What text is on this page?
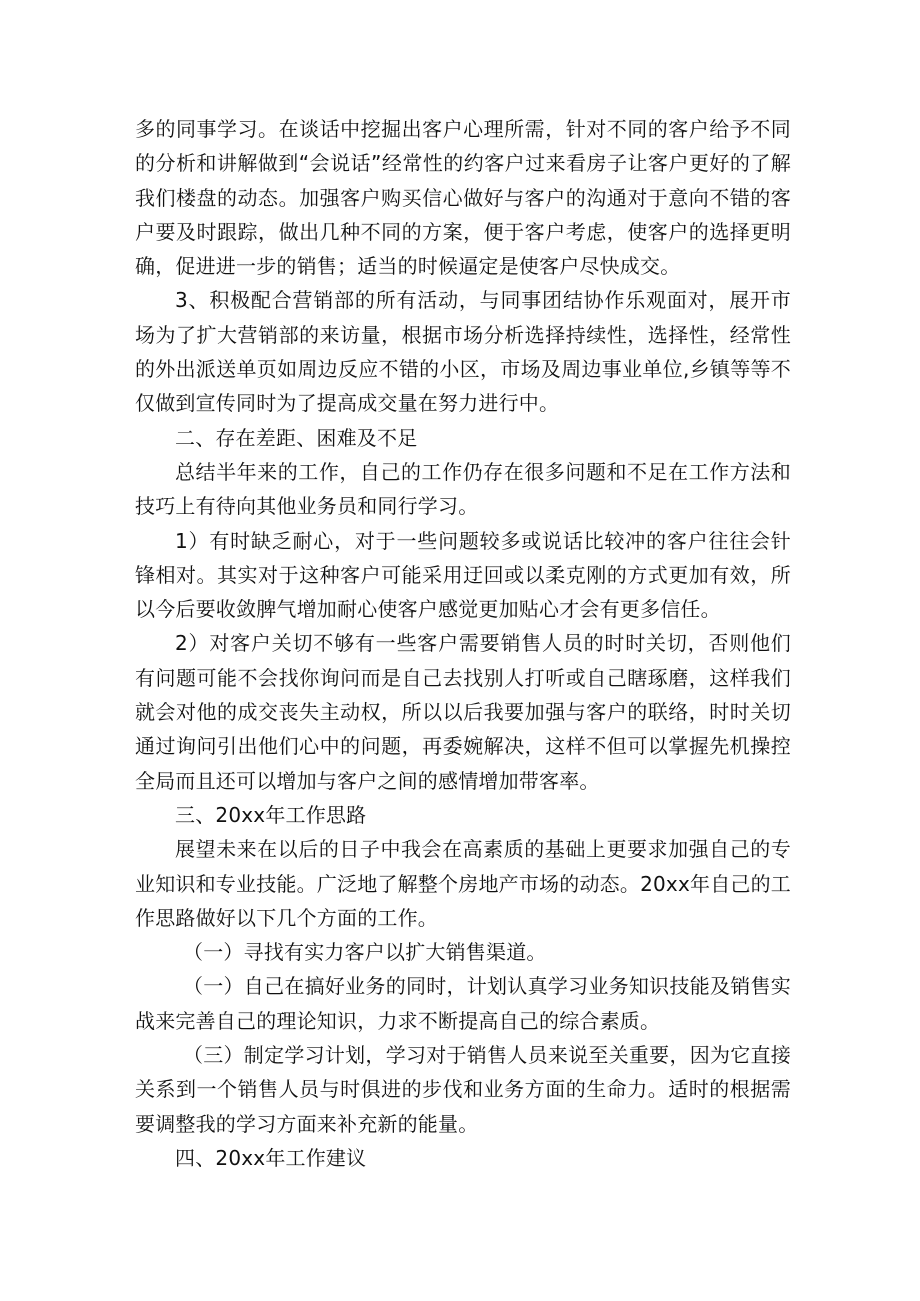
多的同事学习。在谈话中挖掘出客户心理所需，针对不同的客户给予不同的分析和讲解做到“会说话”经常性的约客户过来看房子让客户更好的了解我们楼盘的动态。加强客户购买信心做好与客户的沟通对于意向不错的客户要及时跟踪，做出几种不同的方案，便于客户考虑，使客户的选择更明确，促进进一步的销售；适当的时候逼定是使客户尽快成交。

3、积极配合营销部的所有活动，与同事团结协作乐观面对，展开市场为了扩大营销部的来访量，根据市场分析选择持续性，选择性，经常性的外出派送单页如周边反应不错的小区，市场及周边事业单位,乡镇等等不仅做到宣传同时为了提高成交量在努力进行中。

二、存在差距、困难及不足

总结半年来的工作，自己的工作仍存在很多问题和不足在工作方法和技巧上有待向其他业务员和同行学习。

1）有时缺乏耐心，对于一些问题较多或说话比较冲的客户往往会针锋相对。其实对于这种客户可能采用迂回或以柔克刚的方式更加有效，所以今后要收敛脾气增加耐心使客户感觉更加贴心才会有更多信任。

2）对客户关切不够有一些客户需要销售人员的时时关切，否则他们有问题可能不会找你询问而是自己去找别人打听或自己瞎琢磨，这样我们就会对他的成交丧失主动权，所以以后我要加强与客户的联络，时时关切通过询问引出他们心中的问题，再委婉解决，这样不但可以掌握先机操控全局而且还可以增加与客户之间的感情增加带客率。

三、20xx年工作思路

展望未来在以后的日子中我会在高素质的基础上更要求加强自己的专业知识和专业技能。广泛地了解整个房地产市场的动态。20xx年自己的工作思路做好以下几个方面的工作。

（一）寻找有实力客户以扩大销售渠道。

（一）自己在搞好业务的同时，计划认真学习业务知识技能及销售实战来完善自己的理论知识，力求不断提高自己的综合素质。

（三）制定学习计划，学习对于销售人员来说至关重要，因为它直接关系到一个销售人员与时俱进的步伐和业务方面的生命力。适时的根据需要调整我的学习方面来补充新的能量。

四、20xx年工作建议
